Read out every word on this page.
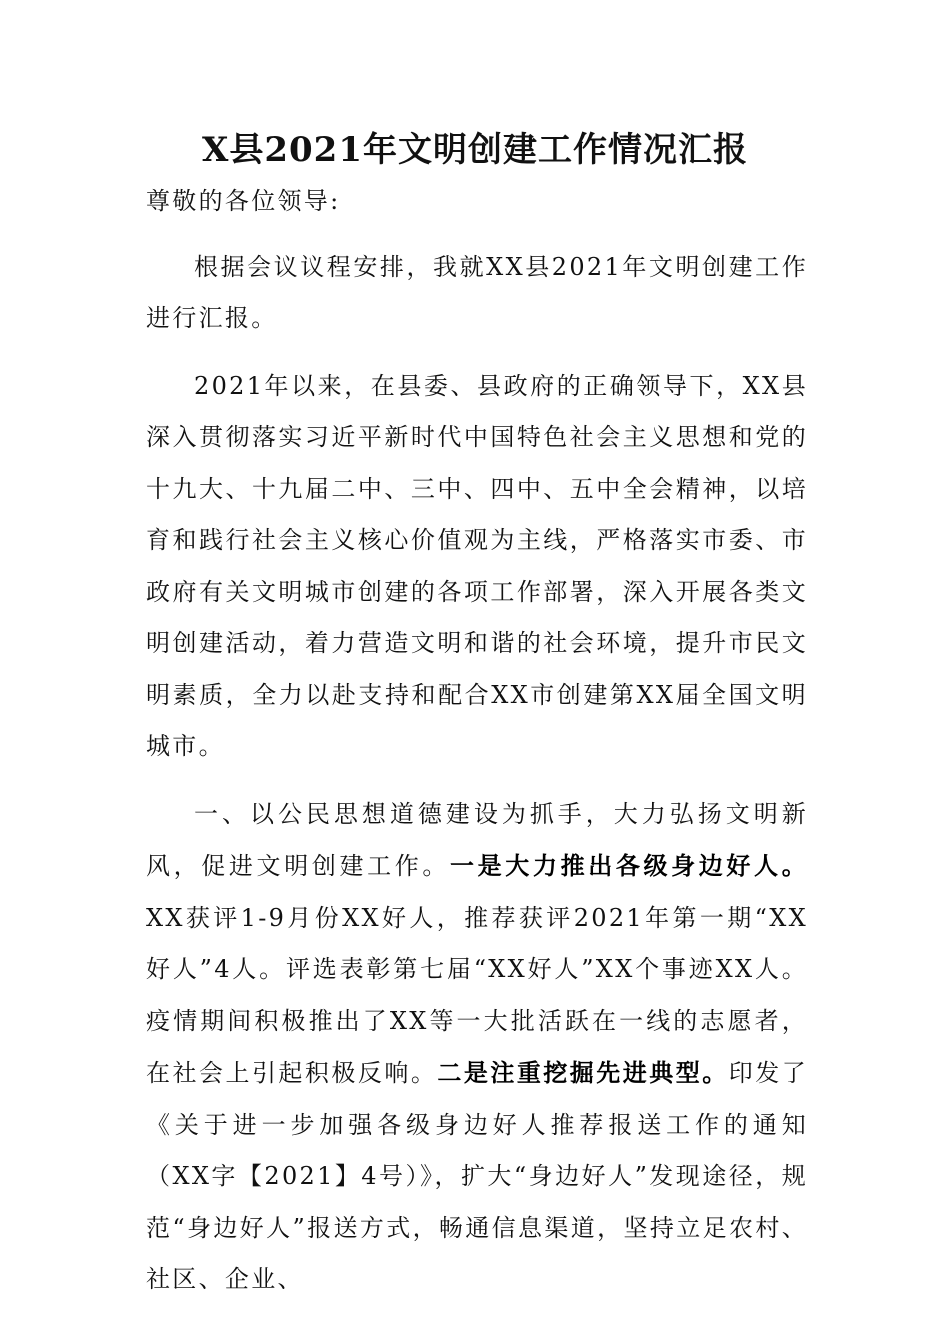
X县2021年文明创建工作情况汇报

尊敬的各位领导:

根据会议议程安排，我就XX县2021年文明创建工作进行汇报。

2021年以来，在县委、县政府的正确领导下，XX县深入贯彻落实习近平新时代中国特色社会主义思想和党的十九大、十九届二中、三中、四中、五中全会精神，以培育和践行社会主义核心价值观为主线，严格落实市委、市政府有关文明城市创建的各项工作部署，深入开展各类文明创建活动，着力营造文明和谐的社会环境，提升市民文明素质，全力以赴支持和配合XX市创建第XX届全国文明城市。

一、以公民思想道德建设为抓手，大力弘扬文明新风，促进文明创建工作。一是大力推出各级身边好人。XX获评1-9月份XX好人，推荐获评2021年第一期“XX好人”4人。评选表彰第七届“XX好人”XX个事迹XX人。疫情期间积极推出了XX等一大批活跃在一线的志愿者，在社会上引起积极反响。二是注重挖掘先进典型。印发了《关于进一步加强各级身边好人推荐报送工作的通知（XX字【2021】4号）》，扩大“身边好人”发现途径，规范“身边好人”报送方式，畅通信息渠道，坚持立足农村、社区、企业、
